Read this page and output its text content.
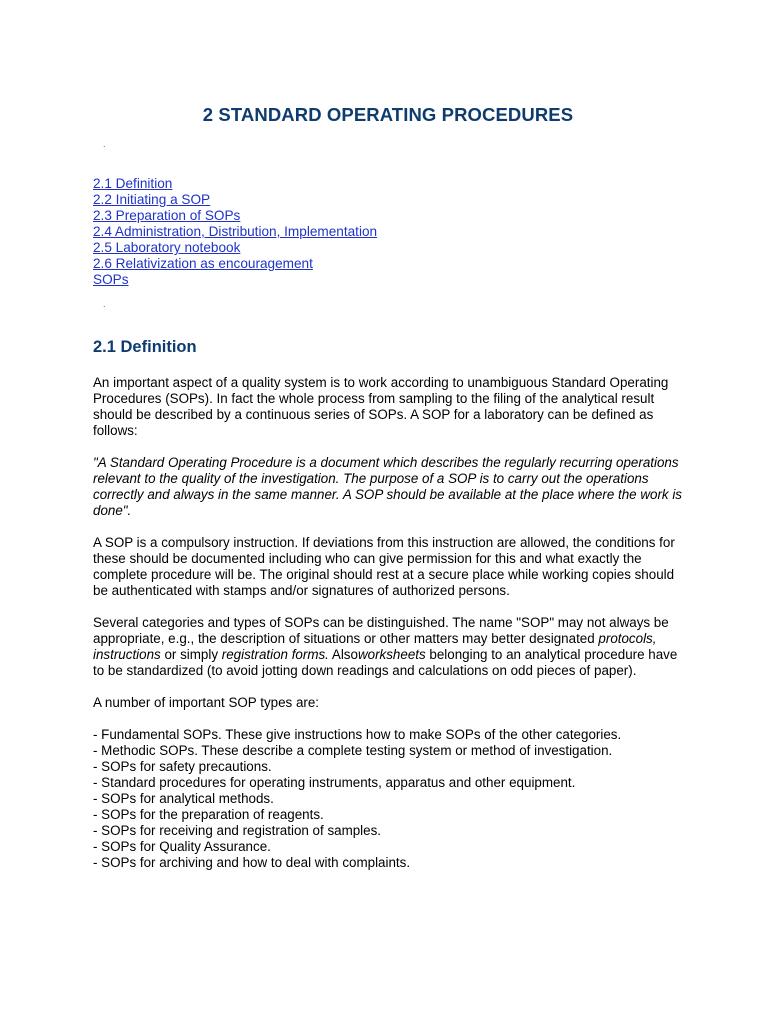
2 STANDARD OPERATING PROCEDURES
.
2.1 Definition
2.2 Initiating a SOP
2.3 Preparation of SOPs
2.4 Administration, Distribution, Implementation
2.5 Laboratory notebook
2.6 Relativization as encouragement
SOPs
.
2.1 Definition

An important aspect of a quality system is to work according to unambiguous Standard Operating Procedures (SOPs). In fact the whole process from sampling to the filing of the analytical result should be described by a continuous series of SOPs. A SOP for a laboratory can be defined as follows:

"A Standard Operating Procedure is a document which describes the regularly recurring operations relevant to the quality of the investigation. The purpose of a SOP is to carry out the operations correctly and always in the same manner. A SOP should be available at the place where the work is done".

A SOP is a compulsory instruction. If deviations from this instruction are allowed, the conditions for these should be documented including who can give permission for this and what exactly the complete procedure will be. The original should rest at a secure place while working copies should be authenticated with stamps and/or signatures of authorized persons.

Several categories and types of SOPs can be distinguished. The name "SOP" may not always be appropriate, e.g., the description of situations or other matters may better designated protocols, instructions or simply registration forms. Alsoworksheets belonging to an analytical procedure have to be standardized (to avoid jotting down readings and calculations on odd pieces of paper).

A number of important SOP types are:

- Fundamental SOPs. These give instructions how to make SOPs of the other categories.
- Methodic SOPs. These describe a complete testing system or method of investigation.
- SOPs for safety precautions.
- Standard procedures for operating instruments, apparatus and other equipment.
- SOPs for analytical methods.
- SOPs for the preparation of reagents.
- SOPs for receiving and registration of samples.
- SOPs for Quality Assurance.
- SOPs for archiving and how to deal with complaints.
